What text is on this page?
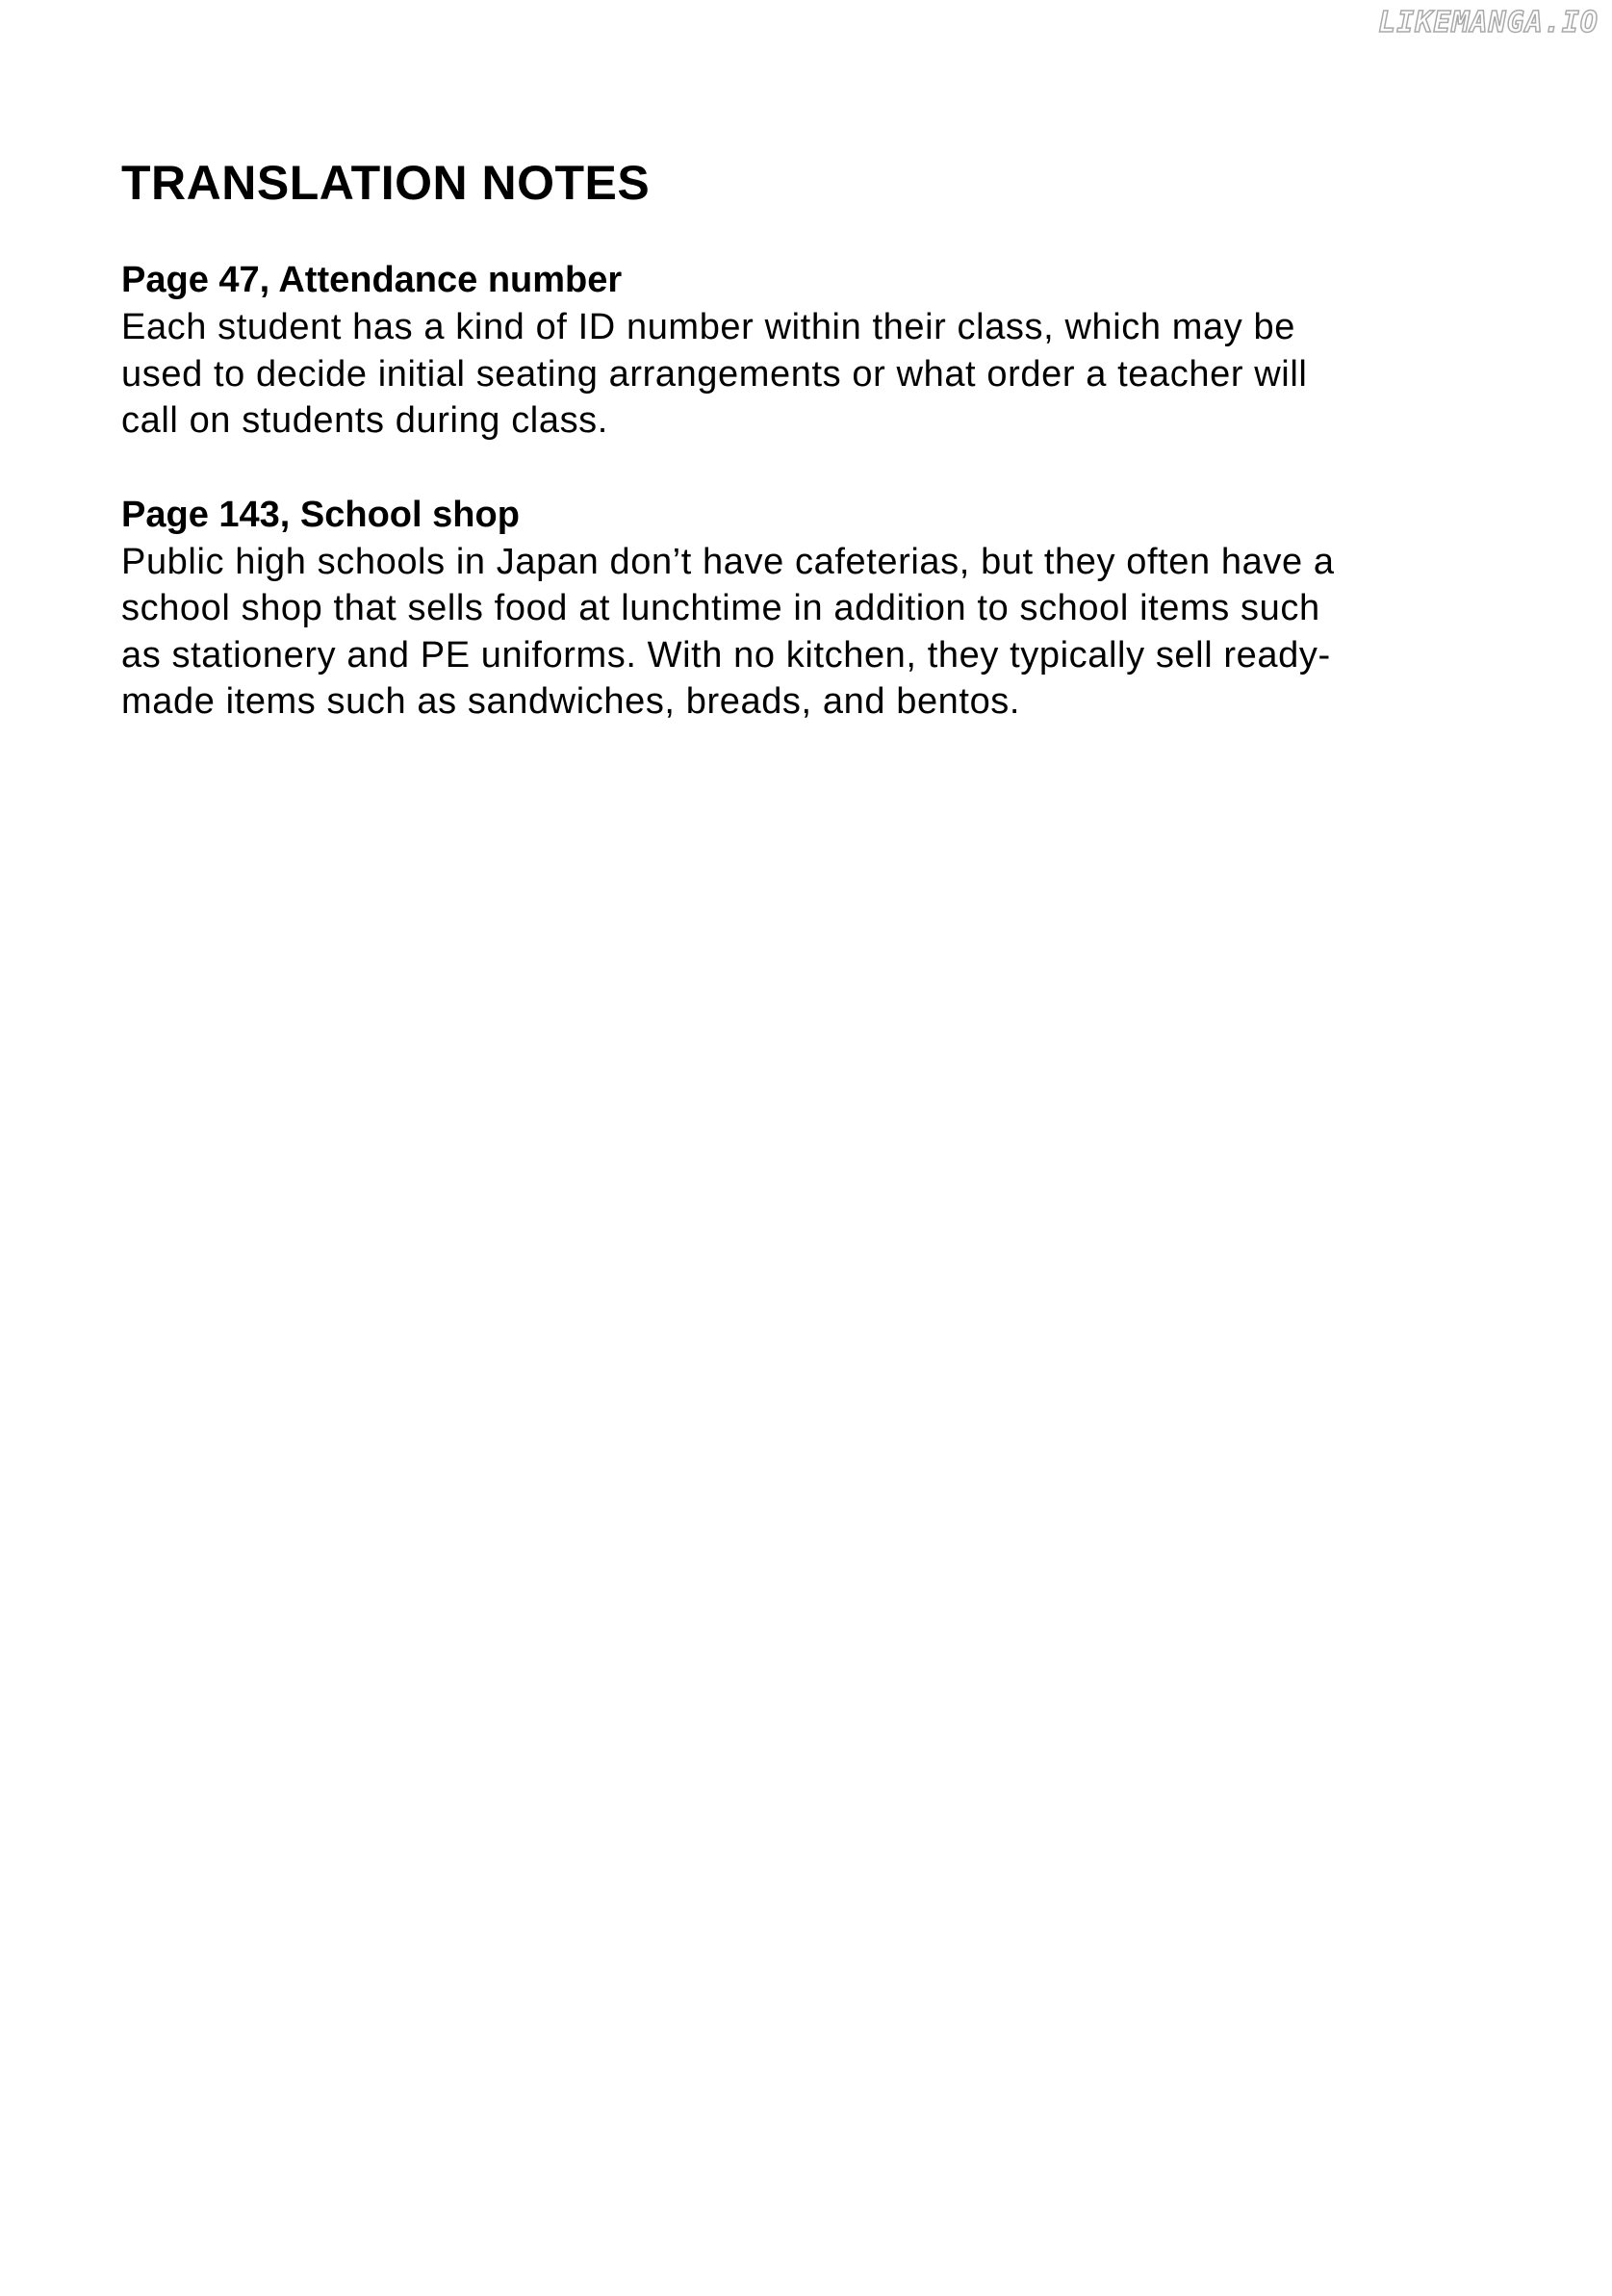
LIKEMANGA.IO
TRANSLATION NOTES
Page 47, Attendance number
Each student has a kind of ID number within their class, which may be
used to decide initial seating arrangements or what order a teacher will
call on students during class.
Page 143, School shop
Public high schools in Japan don’t have cafeterias, but they often have a
school shop that sells food at lunchtime in addition to school items such
as stationery and PE uniforms. With no kitchen, they typically sell ready-
made items such as sandwiches, breads, and bentos.
